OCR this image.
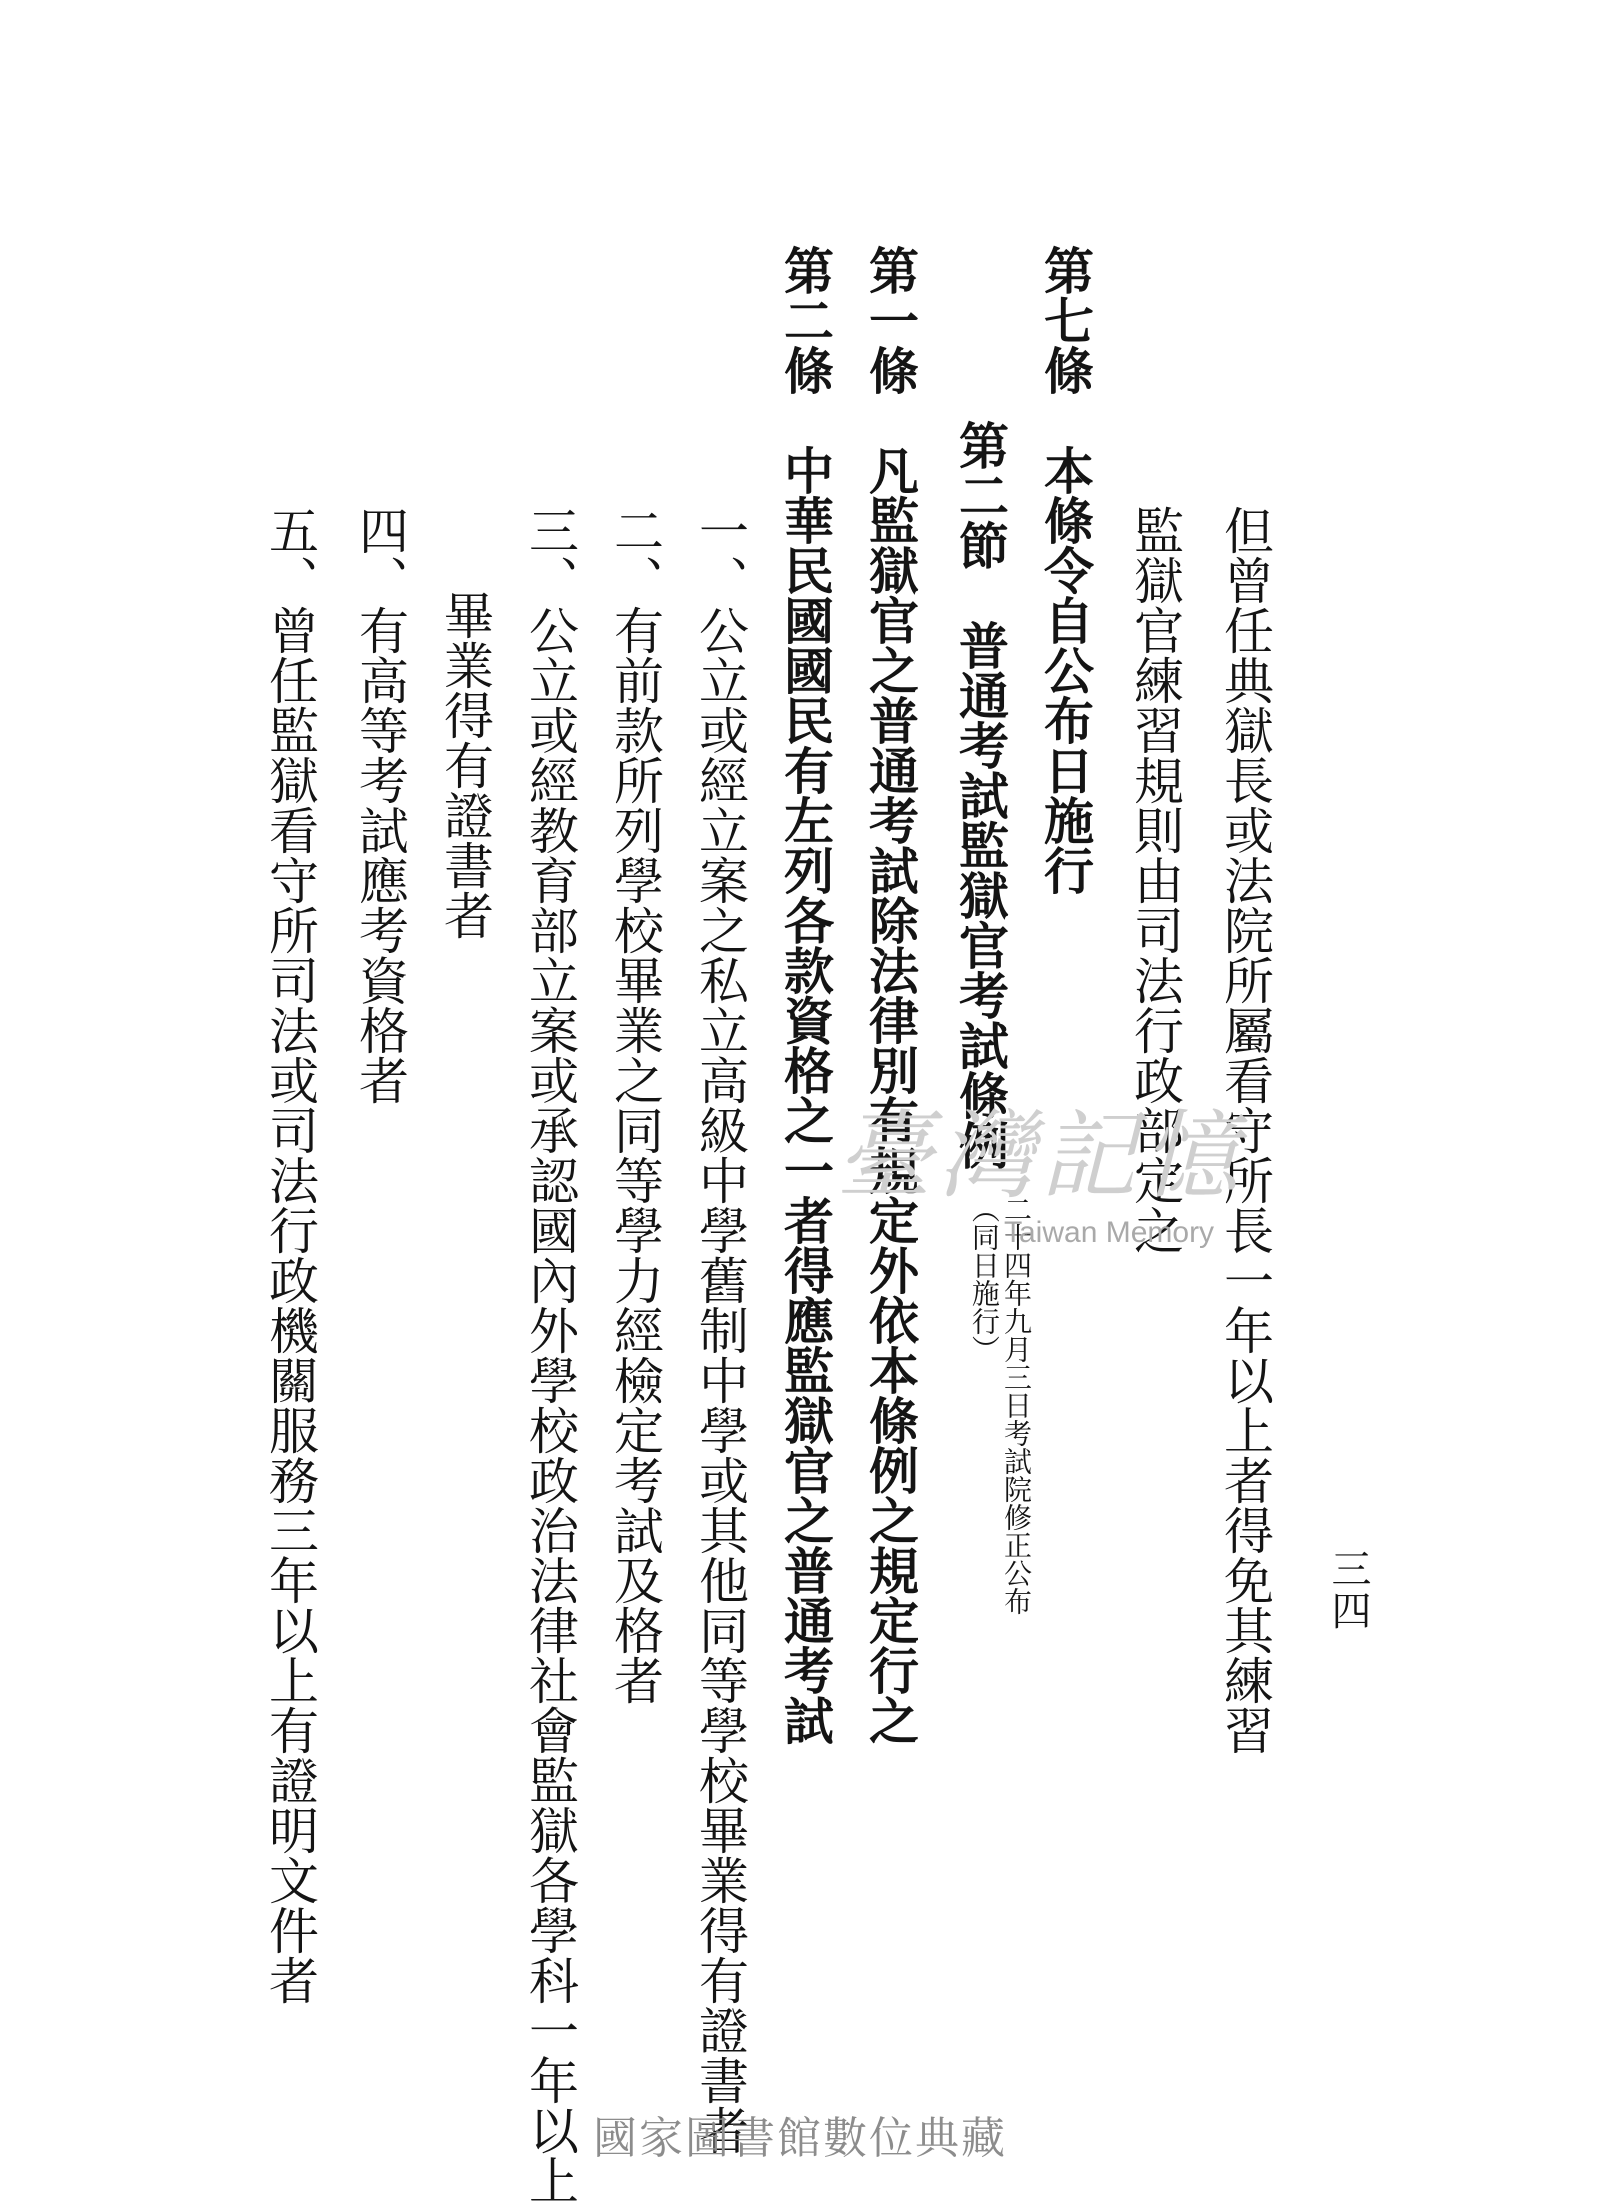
三四
但曾任典獄長或法院所屬看守所長一年以上者得免其練習
監獄官練習規則由司法行政部定之
第七條　本條令自公布日施行
第二節　普通考試監獄官考試條例
二十四年九月三日考試院修正公布
（同日施行）
第一條　凡監獄官之普通考試除法律別有規定外依本條例之規定行之
第二條　中華民國國民有左列各款資格之一者得應監獄官之普通考試
一、公立或經立案之私立高級中學舊制中學或其他同等學校畢業得有證書者
二、有前款所列學校畢業之同等學力經檢定考試及格者
三、公立或經教育部立案或承認國內外學校政治法律社會監獄各學科一年以上
畢業得有證書者
四、有高等考試應考資格者
五、曾任監獄看守所司法或司法行政機關服務三年以上有證明文件者	臺灣記憶
Taiwan Memory
國家圖書館數位典藏
